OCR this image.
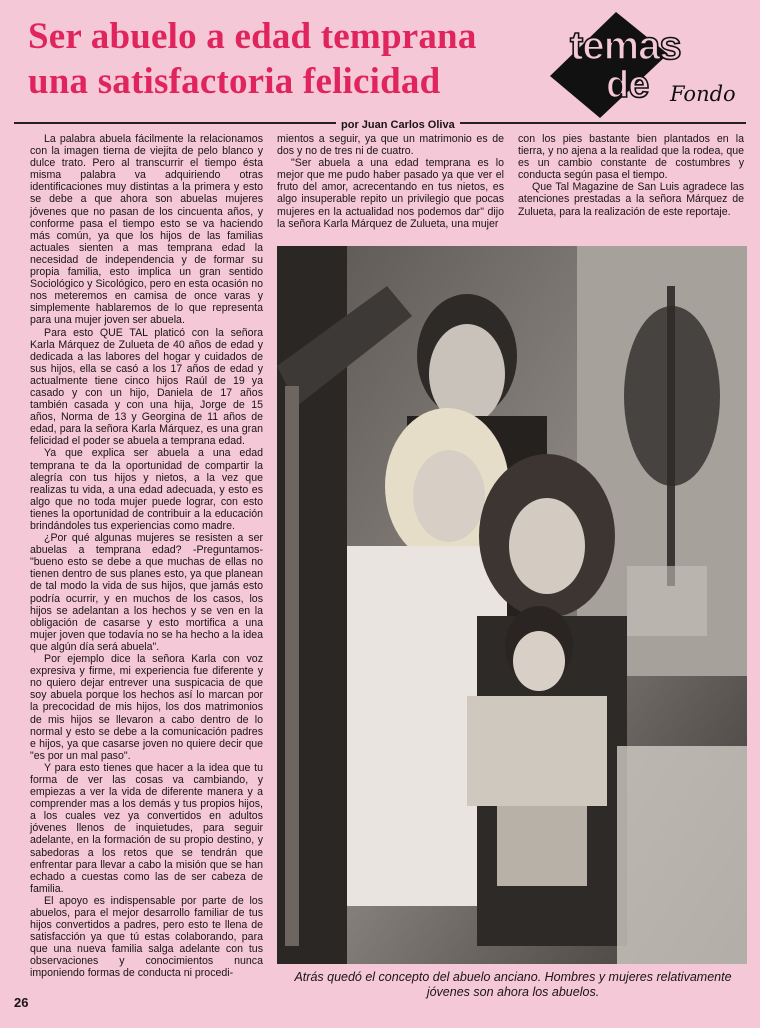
Ser abuelo a edad temprana
una satisfactoria felicidad
temas
de Fondo
por Juan Carlos Oliva

La palabra abuela fácilmente la relacionamos con la imagen tierna de viejita de pelo blanco y dulce trato. Pero al transcurrir el tiempo ésta misma palabra va adquiriendo otras identificaciones muy distintas a la primera y esto se debe a que ahora son abuelas mujeres jóvenes que no pasan de los cincuenta años, y conforme pasa el tiempo esto se va haciendo más común, ya que los hijos de las familias actuales sienten a mas temprana edad la necesidad de independencia y de formar su propia familia, esto implica un gran sentido Sociológico y Sicológico, pero en esta ocasión no nos meteremos en camisa de once varas y simplemente hablaremos de lo que representa para una mujer joven ser abuela.

Para esto QUE TAL platicó con la señora Karla Márquez de Zulueta de 40 años de edad y dedicada a las labores del hogar y cuidados de sus hijos, ella se casó a los 17 años de edad y actualmente tiene cinco hijos Raúl de 19 ya casado y con un hijo, Daniela de 17 años también casada y con una hija, Jorge de 15 años, Norma de 13 y Georgina de 11 años de edad, para la señora Karla Márquez, es una gran felicidad el poder se abuela a temprana edad.

Ya que explica ser abuela a una edad temprana te da la oportunidad de compartir la alegría con tus hijos y nietos, a la vez que realizas tu vida, a una edad adecuada, y esto es algo que no toda mujer puede lograr, con esto tienes la oportunidad de contribuir a la educación brindándoles tus experiencias como madre.

¿Por qué algunas mujeres se resisten a ser abuelas a temprana edad? -Preguntamos- "bueno esto se debe a que muchas de ellas no tienen dentro de sus planes esto, ya que planean de tal modo la vida de sus hijos, que jamás esto podría ocurrir, y en muchos de los casos, los hijos se adelantan a los hechos y se ven en la obligación de casarse y esto mortifica a una mujer joven que todavía no se ha hecho a la idea que algún día será abuela".

Por ejemplo dice la señora Karla con voz expresiva y firme, mi experiencia fue diferente y no quiero dejar entrever una suspicacia de que soy abuela porque los hechos así lo marcan por la precocidad de mis hijos, los dos matrimonios de mis hijos se llevaron a cabo dentro de lo normal y esto se debe a la comunicación padres e hijos, ya que casarse joven no quiere decir que "es por un mal paso".

Y para esto tienes que hacer a la idea que tu forma de ver las cosas va cambiando, y empiezas a ver la vida de diferente manera y a comprender mas a los demás y tus propios hijos, a los cuales vez ya convertidos en adultos jóvenes llenos de inquietudes, para seguir adelante, en la formación de su propio destino, y sabedoras a los retos que se tendrán que enfrentar para llevar a cabo la misión que se han echado a cuestas como las de ser cabeza de familia.

El apoyo es indispensable por parte de los abuelos, para el mejor desarrollo familiar de tus hijos convertidos a padres, pero esto te llena de satisfacción ya que tú estas colaborando, para que una nueva familia salga adelante con tus observaciones y conocimientos nunca imponiendo formas de conducta ni procedi-

mientos a seguir, ya que un matrimonio es de dos y no de tres ni de cuatro.

"Ser abuela a una edad temprana es lo mejor que me pudo haber pasado ya que ver el fruto del amor, acrecentando en tus nietos, es algo insuperable repito un privilegio que pocas mujeres en la actualidad nos podemos dar" dijo la señora Karla Márquez de Zulueta, una mujer

con los pies bastante bien plantados en la tierra, y no ajena a la realidad que la rodea, que es un cambio constante de costumbres y conducta según pasa el tiempo.

Que Tal Magazine de San Luis agradece las atenciones prestadas a la señora Márquez de Zulueta, para la realización de este reportaje.

Atrás quedó el concepto del abuelo anciano. Hombres y mujeres relativamente jóvenes son ahora los abuelos.
26
